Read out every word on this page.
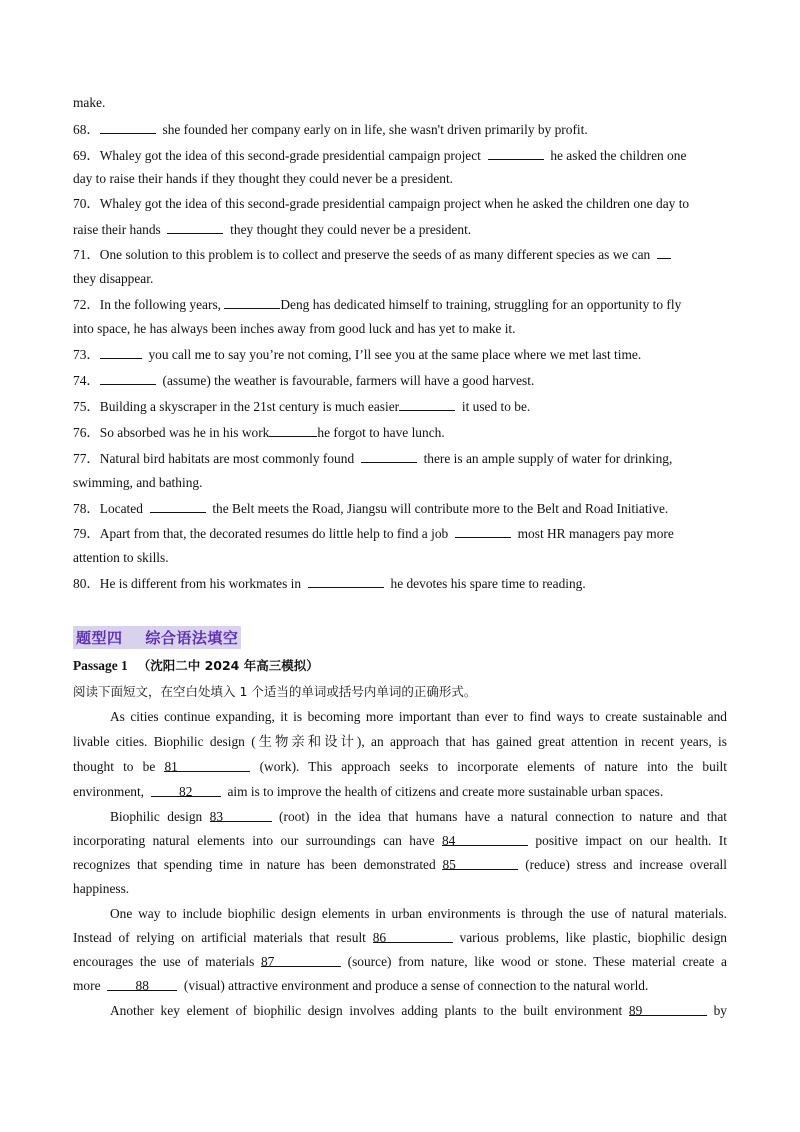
make.
68．	she founded her company early on in life, she wasn't driven primarily by profit.
69．Whaley got the idea of this second-grade presidential campaign project	he asked the children one
day to raise their hands if they thought they could never be a president.
70．Whaley got the idea of this second-grade presidential campaign project when he asked the children one day to
raise their hands	they thought they could never be a president.
71．One solution to this problem is to collect and preserve the seeds of as many different species as we can
they disappear.
72．In the following years,	Deng has dedicated himself to training, struggling for an opportunity to fly
into space, he has always been inches away from good luck and has yet to make it.
73．	you call me to say you’re not coming, I’ll see you at the same place where we met last time.
74．	(assume) the weather is favourable, farmers will have a good harvest.
75．Building a skyscraper in the 21st century is much easier	it used to be.
76．So absorbed was he in his work	he forgot to have lunch.
77．Natural bird habitats are most commonly found	there is an ample supply of water for drinking,
swimming, and bathing.
78．Located	the Belt meets the Road, Jiangsu will contribute more to the Belt and Road Initiative.
79．Apart from that, the decorated resumes do little help to find a job	most HR managers pay more
attention to skills.
80．He is different from his workmates in	he devotes his spare time to reading.
题型四 综合语法填空
Passage 1 （沈阳二中 2024 年高三模拟）
阅读下面短文，在空白处填入 1 个适当的单词或括号内单词的正确形式。
As cities continue expanding, it is becoming more important than ever to find ways to create sustainable and
livable cities. Biophilic design (生物亲和设计), an approach that has gained great attention in recent years, is
thought to be 81	(work). This approach seeks to incorporate elements of nature into the built
environment,	82	aim is to improve the health of citizens and create more sustainable urban spaces.
Biophilic design 83	(root) in the idea that humans have a natural connection to nature and that
incorporating natural elements into our surroundings can have 84	positive impact on our health. It
recognizes that spending time in nature has been demonstrated 85	(reduce) stress and increase overall
happiness.
One way to include biophilic design elements in urban environments is through the use of natural materials.
Instead of relying on artificial materials that result 86	various problems, like plastic, biophilic design
encourages the use of materials 87	(source) from nature, like wood or stone. These material create a
more	88	(visual) attractive environment and produce a sense of connection to the natural world.
Another key element of biophilic design involves adding plants to the built environment 89	by
